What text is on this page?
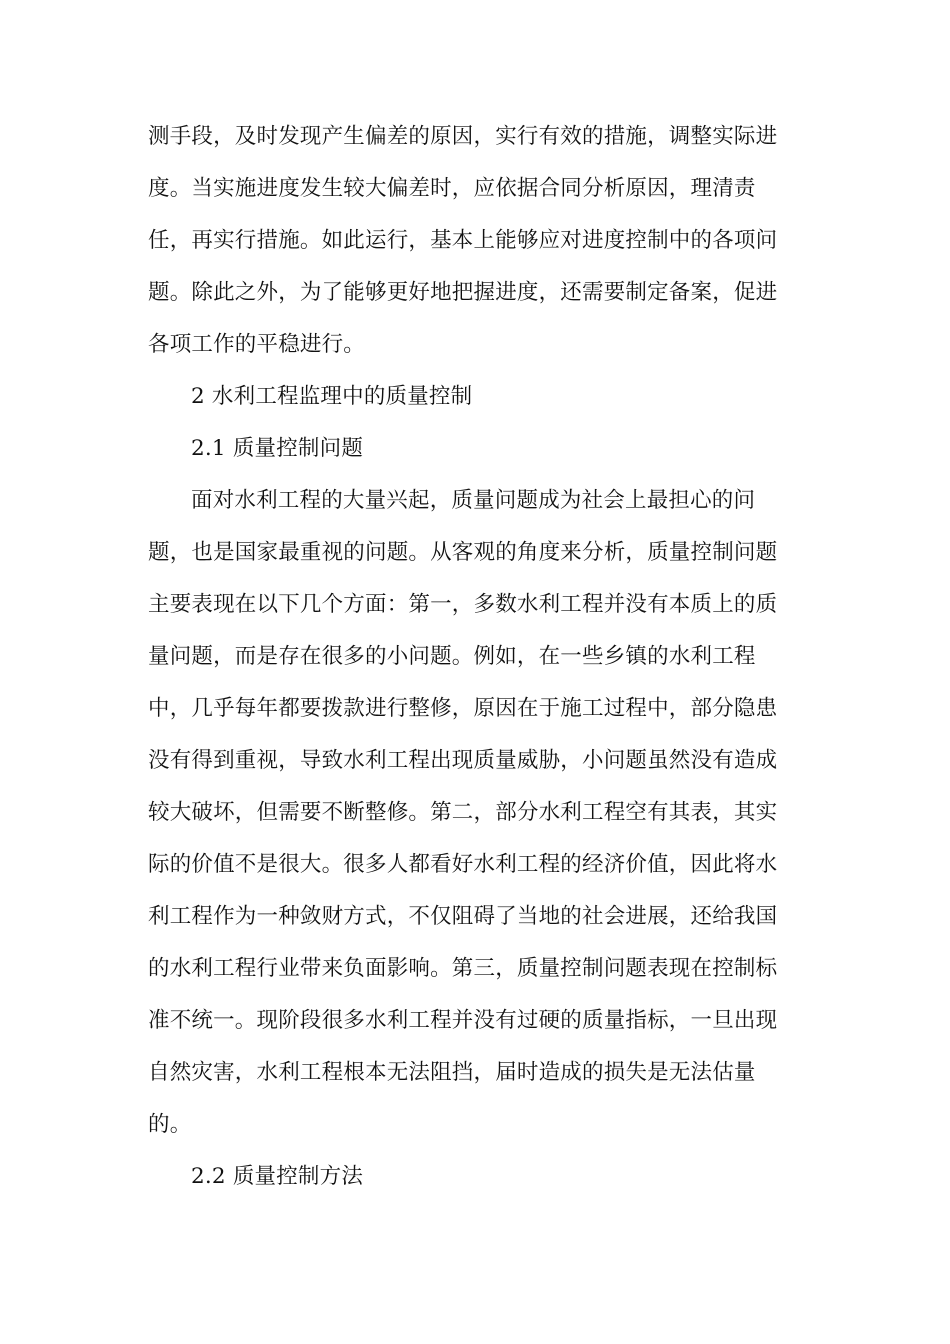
测手段，及时发现产生偏差的原因，实行有效的措施，调整实际进
度。当实施进度发生较大偏差时，应依据合同分析原因，理清责
任，再实行措施。如此运行，基本上能够应对进度控制中的各项问
题。除此之外，为了能够更好地把握进度，还需要制定备案，促进
各项工作的平稳进行。
2 水利工程监理中的质量控制
2.1 质量控制问题
面对水利工程的大量兴起，质量问题成为社会上最担心的问
题，也是国家最重视的问题。从客观的角度来分析，质量控制问题
主要表现在以下几个方面：第一，多数水利工程并没有本质上的质
量问题，而是存在很多的小问题。例如，在一些乡镇的水利工程
中，几乎每年都要拨款进行整修，原因在于施工过程中，部分隐患
没有得到重视，导致水利工程出现质量威胁，小问题虽然没有造成
较大破坏，但需要不断整修。第二，部分水利工程空有其表，其实
际的价值不是很大。很多人都看好水利工程的经济价值，因此将水
利工程作为一种敛财方式，不仅阻碍了当地的社会进展，还给我国
的水利工程行业带来负面影响。第三，质量控制问题表现在控制标
准不统一。现阶段很多水利工程并没有过硬的质量指标，一旦出现
自然灾害，水利工程根本无法阻挡，届时造成的损失是无法估量
的。
2.2 质量控制方法
